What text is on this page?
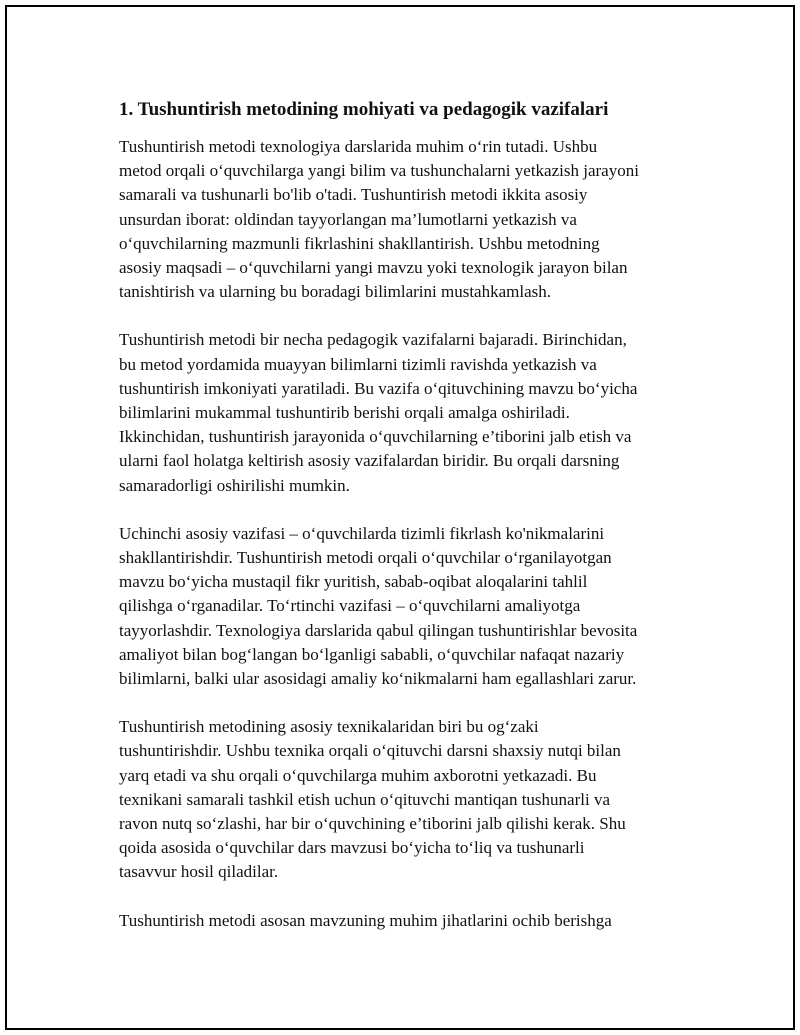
1. Tushuntirish metodining mohiyati va pedagogik vazifalari

Tushuntirish metodi texnologiya darslarida muhim o‘rin tutadi. Ushbu
metod orqali o‘quvchilarga yangi bilim va tushunchalarni yetkazish jarayoni
samarali va tushunarli bo'lib o'tadi. Tushuntirish metodi ikkita asosiy
unsurdan iborat: oldindan tayyorlangan ma’lumotlarni yetkazish va
o‘quvchilarning mazmunli fikrlashini shakllantirish. Ushbu metodning
asosiy maqsadi – o‘quvchilarni yangi mavzu yoki texnologik jarayon bilan
tanishtirish va ularning bu boradagi bilimlarini mustahkamlash.

Tushuntirish metodi bir necha pedagogik vazifalarni bajaradi. Birinchidan,
bu metod yordamida muayyan bilimlarni tizimli ravishda yetkazish va
tushuntirish imkoniyati yaratiladi. Bu vazifa o‘qituvchining mavzu bo‘yicha
bilimlarini mukammal tushuntirib berishi orqali amalga oshiriladi.
Ikkinchidan, tushuntirish jarayonida o‘quvchilarning e’tiborini jalb etish va
ularni faol holatga keltirish asosiy vazifalardan biridir. Bu orqali darsning
samaradorligi oshirilishi mumkin.

Uchinchi asosiy vazifasi – o‘quvchilarda tizimli fikrlash ko'nikmalarini
shakllantirishdir. Tushuntirish metodi orqali o‘quvchilar o‘rganilayotgan
mavzu bo‘yicha mustaqil fikr yuritish, sabab-oqibat aloqalarini tahlil
qilishga o‘rganadilar. To‘rtinchi vazifasi – o‘quvchilarni amaliyotga
tayyorlashdir. Texnologiya darslarida qabul qilingan tushuntirishlar bevosita
amaliyot bilan bog‘langan bo‘lganligi sababli, o‘quvchilar nafaqat nazariy
bilimlarni, balki ular asosidagi amaliy ko‘nikmalarni ham egallashlari zarur.

Tushuntirish metodining asosiy texnikalaridan biri bu og‘zaki
tushuntirishdir. Ushbu texnika orqali o‘qituvchi darsni shaxsiy nutqi bilan
yarq etadi va shu orqali o‘quvchilarga muhim axborotni yetkazadi. Bu
texnikani samarali tashkil etish uchun o‘qituvchi mantiqan tushunarli va
ravon nutq so‘zlashi, har bir o‘quvchining e’tiborini jalb qilishi kerak. Shu
qoida asosida o‘quvchilar dars mavzusi bo‘yicha to‘liq va tushunarli
tasavvur hosil qiladilar.

Tushuntirish metodi asosan mavzuning muhim jihatlarini ochib berishga
